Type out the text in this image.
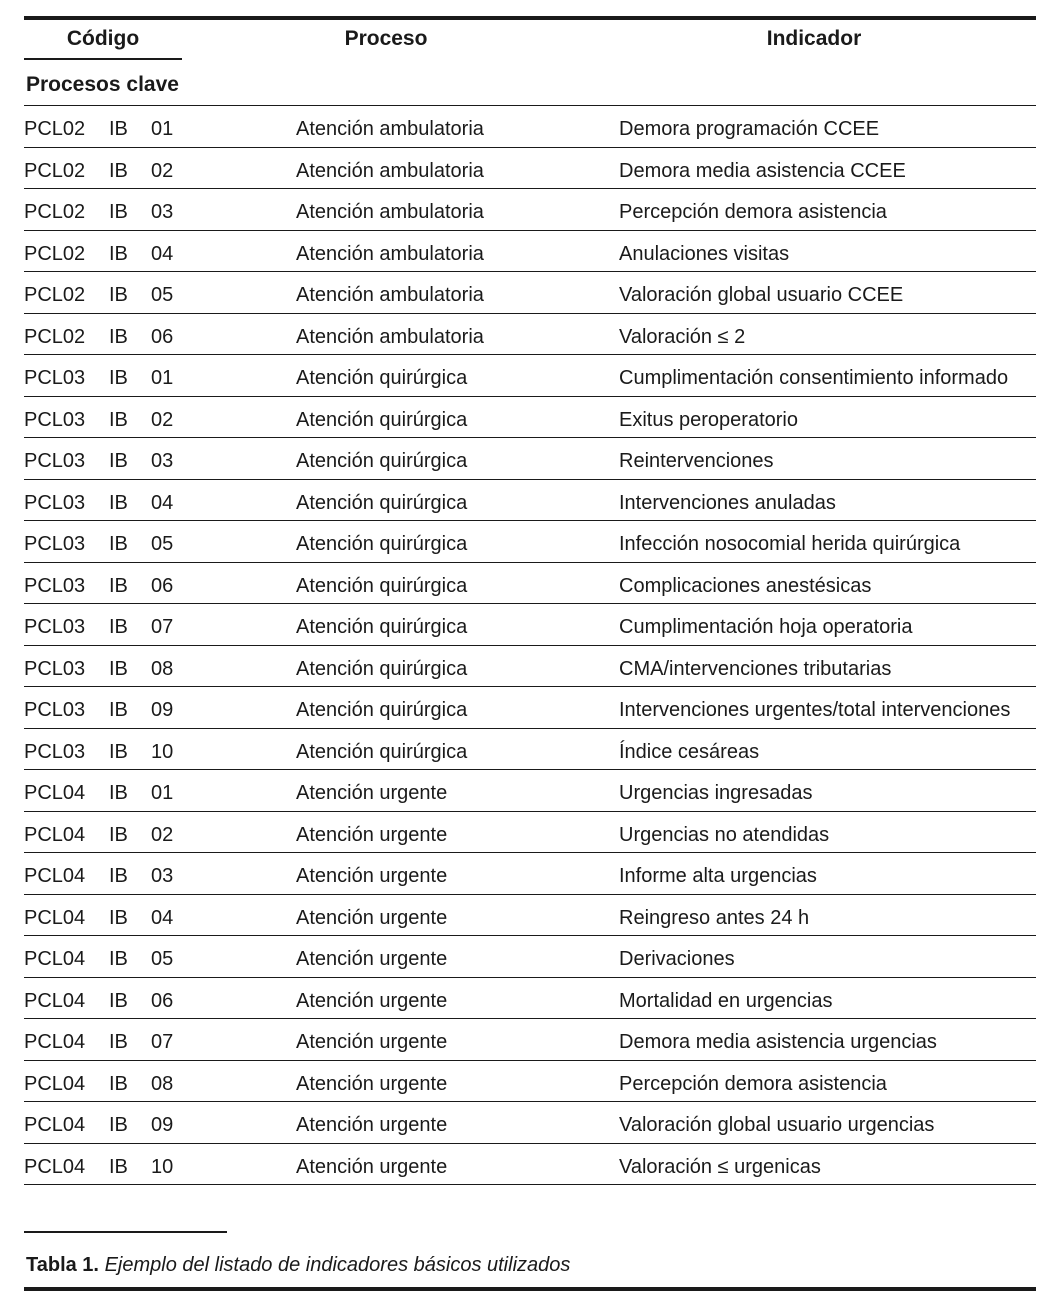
Código	Proceso	Indicador
Procesos clave
PCL02 IB 01	Atención ambulatoria	Demora programación CCEE
PCL02 IB 02	Atención ambulatoria	Demora media asistencia CCEE
PCL02 IB 03	Atención ambulatoria	Percepción demora asistencia
PCL02 IB 04	Atención ambulatoria	Anulaciones visitas
PCL02 IB 05	Atención ambulatoria	Valoración global usuario CCEE
PCL02 IB 06	Atención ambulatoria	Valoración ≤ 2
PCL03 IB 01	Atención quirúrgica	Cumplimentación consentimiento informado
PCL03 IB 02	Atención quirúrgica	Exitus peroperatorio
PCL03 IB 03	Atención quirúrgica	Reintervenciones
PCL03 IB 04	Atención quirúrgica	Intervenciones anuladas
PCL03 IB 05	Atención quirúrgica	Infección nosocomial herida quirúrgica
PCL03 IB 06	Atención quirúrgica	Complicaciones anestésicas
PCL03 IB 07	Atención quirúrgica	Cumplimentación hoja operatoria
PCL03 IB 08	Atención quirúrgica	CMA/intervenciones tributarias
PCL03 IB 09	Atención quirúrgica	Intervenciones urgentes/total intervenciones
PCL03 IB 10	Atención quirúrgica	Índice cesáreas
PCL04 IB 01	Atención urgente	Urgencias ingresadas
PCL04 IB 02	Atención urgente	Urgencias no atendidas
PCL04 IB 03	Atención urgente	Informe alta urgencias
PCL04 IB 04	Atención urgente	Reingreso antes 24 h
PCL04 IB 05	Atención urgente	Derivaciones
PCL04 IB 06	Atención urgente	Mortalidad en urgencias
PCL04 IB 07	Atención urgente	Demora media asistencia urgencias
PCL04 IB 08	Atención urgente	Percepción demora asistencia
PCL04 IB 09	Atención urgente	Valoración global usuario urgencias
PCL04 IB 10	Atención urgente	Valoración ≤ urgenicas
Tabla 1. Ejemplo del listado de indicadores básicos utilizados
